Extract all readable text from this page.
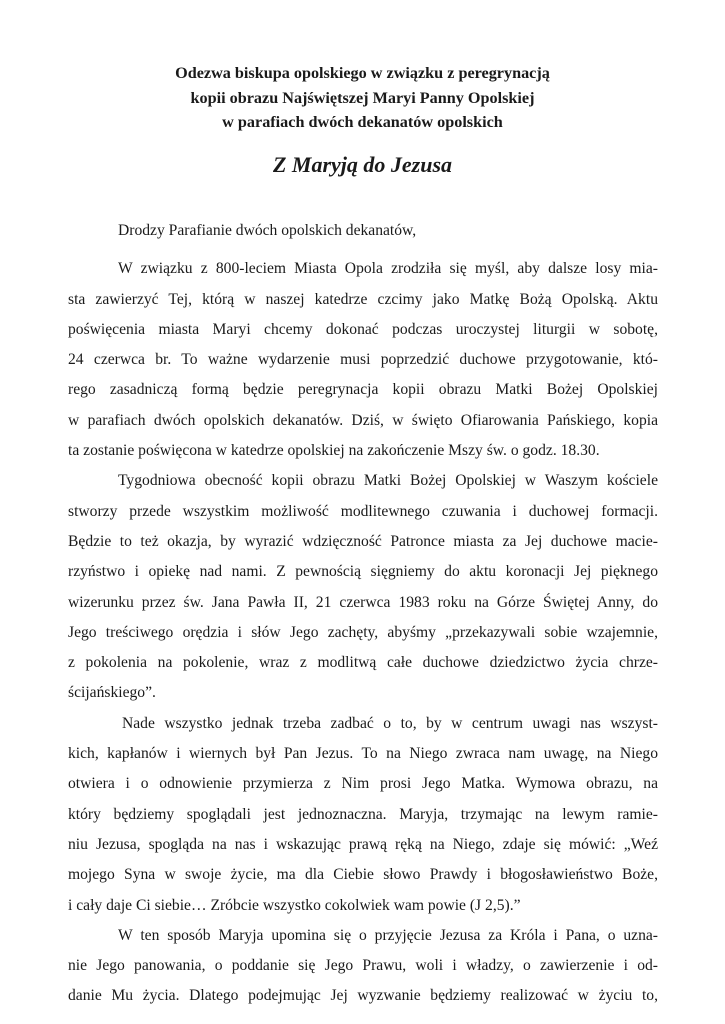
Odezwa biskupa opolskiego w związku z peregrynacją
kopii obrazu Najświętszej Maryi Panny Opolskiej
w parafiach dwóch dekanatów opolskich
Z Maryją do Jezusa
Drodzy Parafianie dwóch opolskich dekanatów,
W związku z 800-leciem Miasta Opola zrodziła się myśl, aby dalsze losy mia-
sta zawierzyć Tej, którą w naszej katedrze czcimy jako Matkę Bożą Opolską. Aktu
poświęcenia miasta Maryi chcemy dokonać podczas uroczystej liturgii w sobotę,
24 czerwca br. To ważne wydarzenie musi poprzedzić duchowe przygotowanie, któ-
rego zasadniczą formą będzie peregrynacja kopii obrazu Matki Bożej Opolskiej
w parafiach dwóch opolskich dekanatów. Dziś, w święto Ofiarowania Pańskiego, kopia
ta zostanie poświęcona w katedrze opolskiej na zakończenie Mszy św. o godz. 18.30.
Tygodniowa obecność kopii obrazu Matki Bożej Opolskiej w Waszym kościele
stworzy przede wszystkim możliwość modlitewnego czuwania i duchowej formacji.
Będzie to też okazja, by wyrazić wdzięczność Patronce miasta za Jej duchowe macie-
rzyństwo i opiekę nad nami. Z pewnością sięgniemy do aktu koronacji Jej pięknego
wizerunku przez św. Jana Pawła II, 21 czerwca 1983 roku na Górze Świętej Anny, do
Jego treściwego orędzia i słów Jego zachęty, abyśmy „przekazywali sobie wzajemnie,
z pokolenia na pokolenie, wraz z modlitwą całe duchowe dziedzictwo życia chrze-
ścijańskiego”.
Nade wszystko jednak trzeba zadbać o to, by w centrum uwagi nas wszyst-
kich, kapłanów i wiernych był Pan Jezus. To na Niego zwraca nam uwagę, na Niego
otwiera i o odnowienie przymierza z Nim prosi Jego Matka. Wymowa obrazu, na
który będziemy spoglądali jest jednoznaczna. Maryja, trzymając na lewym ramie-
niu Jezusa, spogląda na nas i wskazując prawą ręką na Niego, zdaje się mówić: „Weź
mojego Syna w swoje życie, ma dla Ciebie słowo Prawdy i błogosławieństwo Boże,
i cały daje Ci siebie… Zróbcie wszystko cokolwiek wam powie (J 2,5).”
W ten sposób Maryja upomina się o przyjęcie Jezusa za Króla i Pana, o uzna-
nie Jego panowania, o poddanie się Jego Prawu, woli i władzy, o zawierzenie i od-
danie Mu życia. Dlatego podejmując Jej wyzwanie będziemy realizować w życiu to,
